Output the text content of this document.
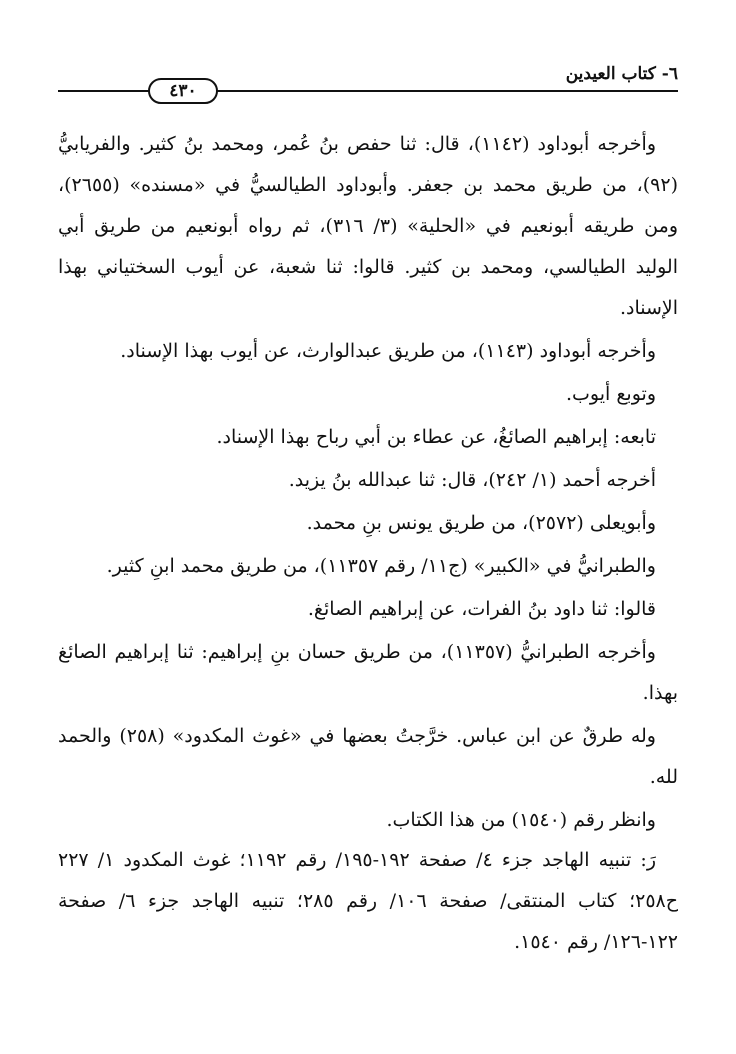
٦- كتاب العيدين
٤٣٠

وأخرجه أبوداود (١١٤٢)، قال: ثنا حفص بنُ عُمر، ومحمد بنُ كثير. والفريابيُّ (٩٢)، من طريق محمد بن جعفر. وأبوداود الطيالسيُّ في «مسنده» (٢٦٥٥)، ومن طريقه أبونعيم في «الحلية» (٣/ ٣١٦)، ثم رواه أبونعيم من طريق أبي الوليد الطيالسي، ومحمد بن كثير. قالوا: ثنا شعبة، عن أيوب السختياني بهذا الإسناد.

وأخرجه أبوداود (١١٤٣)، من طريق عبدالوارث، عن أيوب بهذا الإسناد.

وتوبع أيوب.

تابعه: إبراهيم الصائغُ، عن عطاء بن أبي رباح بهذا الإسناد.

أخرجه أحمد (١/ ٢٤٢)، قال: ثنا عبدالله بنُ يزيد.

وأبويعلى (٢٥٧٢)، من طريق يونس بنِ محمد.

والطبرانيُّ في «الكبير» (ج١١/ رقم ١١٣٥٧)، من طريق محمد ابنِ كثير.

قالوا: ثنا داود بنُ الفرات، عن إبراهيم الصائغ.

وأخرجه الطبرانيُّ (١١٣٥٧)، من طريق حسان بنِ إبراهيم: ثنا إبراهيم الصائغ بهذا.

وله طرقٌ عن ابن عباس. خرَّجتُ بعضها في «غوث المكدود» (٢٥٨) والحمد لله.

وانظر رقم (١٥٤٠) من هذا الكتاب.

رَ: تنبيه الهاجد جزء ٤/ صفحة ١٩٢-١٩٥/ رقم ١١٩٢؛ غوث المكدود ١/ ٢٢٧ ح٢٥٨؛ كتاب المنتقى/ صفحة ١٠٦/ رقم ٢٨٥؛ تنبيه الهاجد جزء ٦/ صفحة ١٢٢-١٢٦/ رقم ١٥٤٠.
